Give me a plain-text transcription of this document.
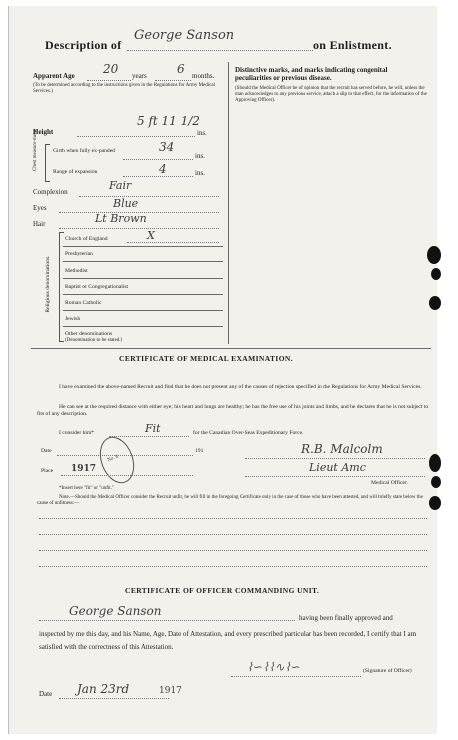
Description of
George Sanson
on Enlistment.
Apparent Age 20 years	6 months.
(To be determined according to the instructions given in the Regulations for Army Medical Services.)
Height
5 ft 11 1/2
ins.
Chest measure-ment.	Girth when fully ex-panded	34
ins.
Range of expansion	4	ins.
Complexion	Fair
Eyes	Blue
Hair	Lt Brown
Religious denominations.
Church of England	X
Presbyterian
Methodist
Baptist or Congregationalist
Roman Catholic
Jewish
Other denominations
(Denomination to be stated.)
Distinctive marks, and marks indicating congenital peculiarities or previous disease.
(Should the Medical Officer be of opinion that the recruit has served before, he will, unless the man acknowledges to any previous service, attach a slip to that effect, for the information of the Approving Officer).
CERTIFICATE OF MEDICAL EXAMINATION.
I have examined the above-named Recruit and find that he does not present any of the causes of rejection specified in the Regulations for Army Medical Services.
He can see at the required distance with either eye; his heart and lungs are healthy; he has the free use of his joints and limbs, and he declares that he is not subject to fits of any description.
I consider him*	Fit	for the Canadian Over-Seas Expeditionary Force.
Date	191
No. 8
Place 1917
R.B. Malcolm
Lieut Amc
Medical Officer.
*Insert here "fit" or "unfit."
Note.—Should the Medical Officer consider the Recruit unfit, he will fill in the foregoing Certificate only in the case of those who have been attested, and will briefly state below the cause of unfitness:—
CERTIFICATE OF OFFICER COMMANDING UNIT.
George Sanson	having been finally approved and
inspected by me this day, and his Name, Age, Date of Attestation, and every prescribed particular has been recorded, I certify that I am satisfied with the correctness of this Attestation.
⌇∽⌇⌇∿⌇∽	(Signature of Officer)
Date Jan 23rd	1917
